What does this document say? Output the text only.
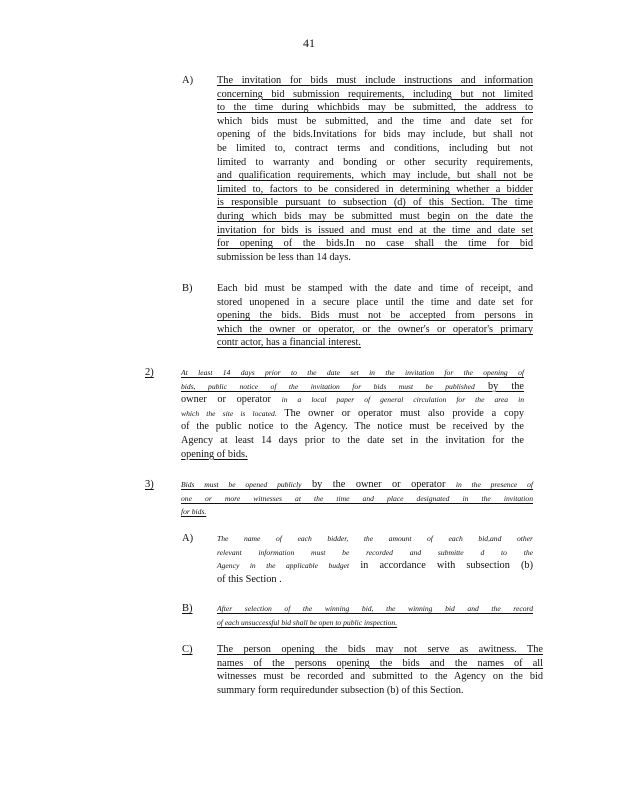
41
A) The invitation for bids must include instructions and information
concerning bid submission requirements, including but not limited
to the time during whichbids may be submitted, the address to
which bids must be submitted, and the time and date set for
opening of the bids.Invitations for bids may include, but shall not
be limited to, contract terms and conditions, including but not
limited to warranty and bonding or other security requirements,
and qualification requirements, which may include, but shall not be
limited to, factors to be considered in determining whether a bidder
is responsible pursuant to subsection (d) of this Section. The time
during which bids may be submitted must begin on the date the
invitation for bids is issued and must end at the time and date set
for opening of the bids.In no case shall the time for bid
submission be less than 14 days.
B) Each bid must be stamped with the date and time of receipt, and
stored unopened in a secure place until the time and date set for
opening the bids. Bids must not be accepted from persons in
which the owner or operator, or the owner's or operator's primary
contr actor, has a financial interest.
2)	At least 14 days prior to the date set in the invitation for the opening of
bids, public notice of the invitation for bids must be published by the
owner or operator in a local paper of general circulation for the area in
which the site is located. The owner or operator must also provide a copy
of the public notice to the Agency. The notice must be received by the
Agency at least 14 days prior to the date set in the invitation for the
opening of bids.
3)	Bids must be opened publicly by the owner or operator in the presence of
one or more witnesses at the time and place designated in the invitation
for bids.
A)	The name of each bidder, the amount of each bid,and other
relevant information must be recorded and submitte d to the
Agency in the applicable budget in accordance with subsection (b)
of this Section .
B)	After selection of the winning bid, the winning bid and the record
of each unsuccessful bid shall be open to public inspection.
C) The person opening the bids may not serve as awitness. The
names of the persons opening the bids and the names of all
witnesses must be recorded and submitted to the Agency on the bid
summary form requiredunder subsection (b) of this Section.
